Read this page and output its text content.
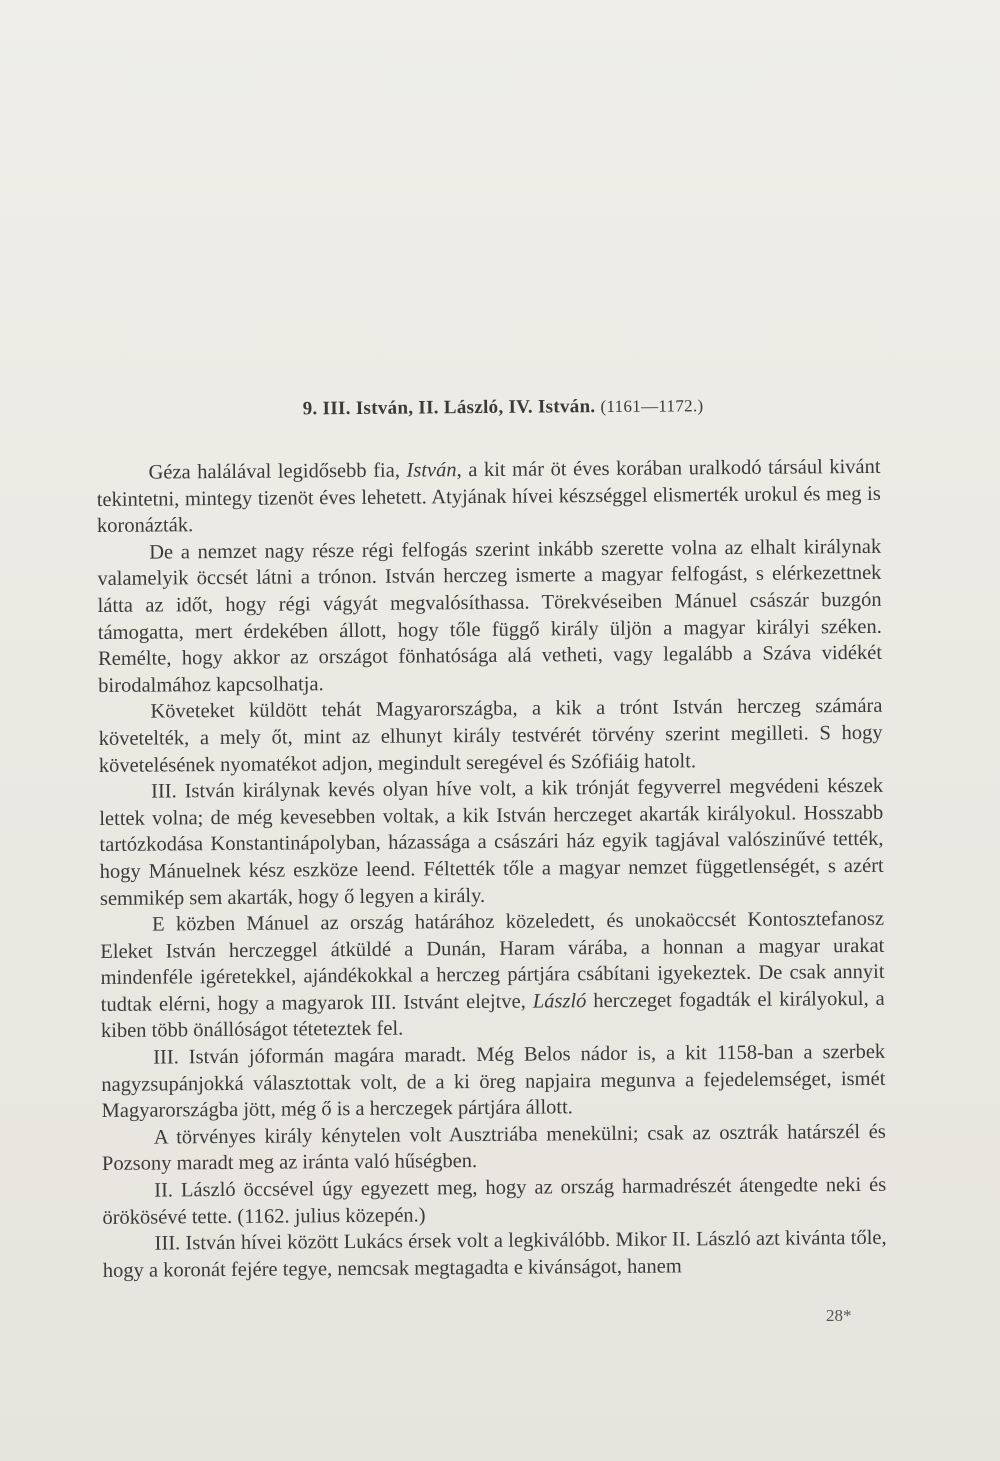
9. III. István, II. László, IV. István. (1161—1172.)

Géza halálával legidősebb fia, István, a kit már öt éves korában uralkodó társául kivánt tekintetni, mintegy tizenöt éves lehetett. Atyjának hívei készséggel elismerték urokul és meg is koronázták.

De a nemzet nagy része régi felfogás szerint inkább szerette volna az elhalt királynak valamelyik öccsét látni a trónon. István herczeg ismerte a magyar felfogást, s elérkezettnek látta az időt, hogy régi vágyát megvalósíthassa. Törekvéseiben Mánuel császár buzgón támogatta, mert érdekében állott, hogy tőle függő király üljön a magyar királyi széken. Remélte, hogy akkor az országot fönhatósága alá vetheti, vagy legalább a Száva vidékét birodalmához kapcsolhatja.

Követeket küldött tehát Magyarországba, a kik a trónt István herczeg számára követelték, a mely őt, mint az elhunyt király testvérét törvény szerint megilleti. S hogy követelésének nyomatékot adjon, megindult seregével és Szófiáig hatolt.

III. István királynak kevés olyan híve volt, a kik trónját fegyverrel megvédeni készek lettek volna; de még kevesebben voltak, a kik István herczeget akarták királyokul. Hosszabb tartózkodása Konstantinápolyban, házassága a császári ház egyik tagjával valószinűvé tették, hogy Mánuelnek kész eszköze leend. Féltették tőle a magyar nemzet függetlenségét, s azért semmikép sem akarták, hogy ő legyen a király.

E közben Mánuel az ország határához közeledett, és unokaöccsét Kontosztefanosz Eleket István herczeggel átküldé a Dunán, Haram várába, a honnan a magyar urakat mindenféle igéretekkel, ajándékokkal a herczeg pártjára csábítani igyekeztek. De csak annyit tudtak elérni, hogy a magyarok III. Istvánt elejtve, László herczeget fogadták el királyokul, a kiben több önállóságot téteteztek fel.

III. István jóformán magára maradt. Még Belos nádor is, a kit 1158-ban a szerbek nagyzsupánjokká választottak volt, de a ki öreg napjaira megunva a fejedelemséget, ismét Magyarországba jött, még ő is a herczegek pártjára állott.

A törvényes király kénytelen volt Ausztriába menekülni; csak az osztrák határszél és Pozsony maradt meg az iránta való hűségben.

II. László öccsével úgy egyezett meg, hogy az ország harmadrészét átengedte neki és örökösévé tette. (1162. julius közepén.)

III. István hívei között Lukács érsek volt a legkiválóbb. Mikor II. László azt kivánta tőle, hogy a koronát fejére tegye, nemcsak megtagadta e kivánságot, hanem

28*
